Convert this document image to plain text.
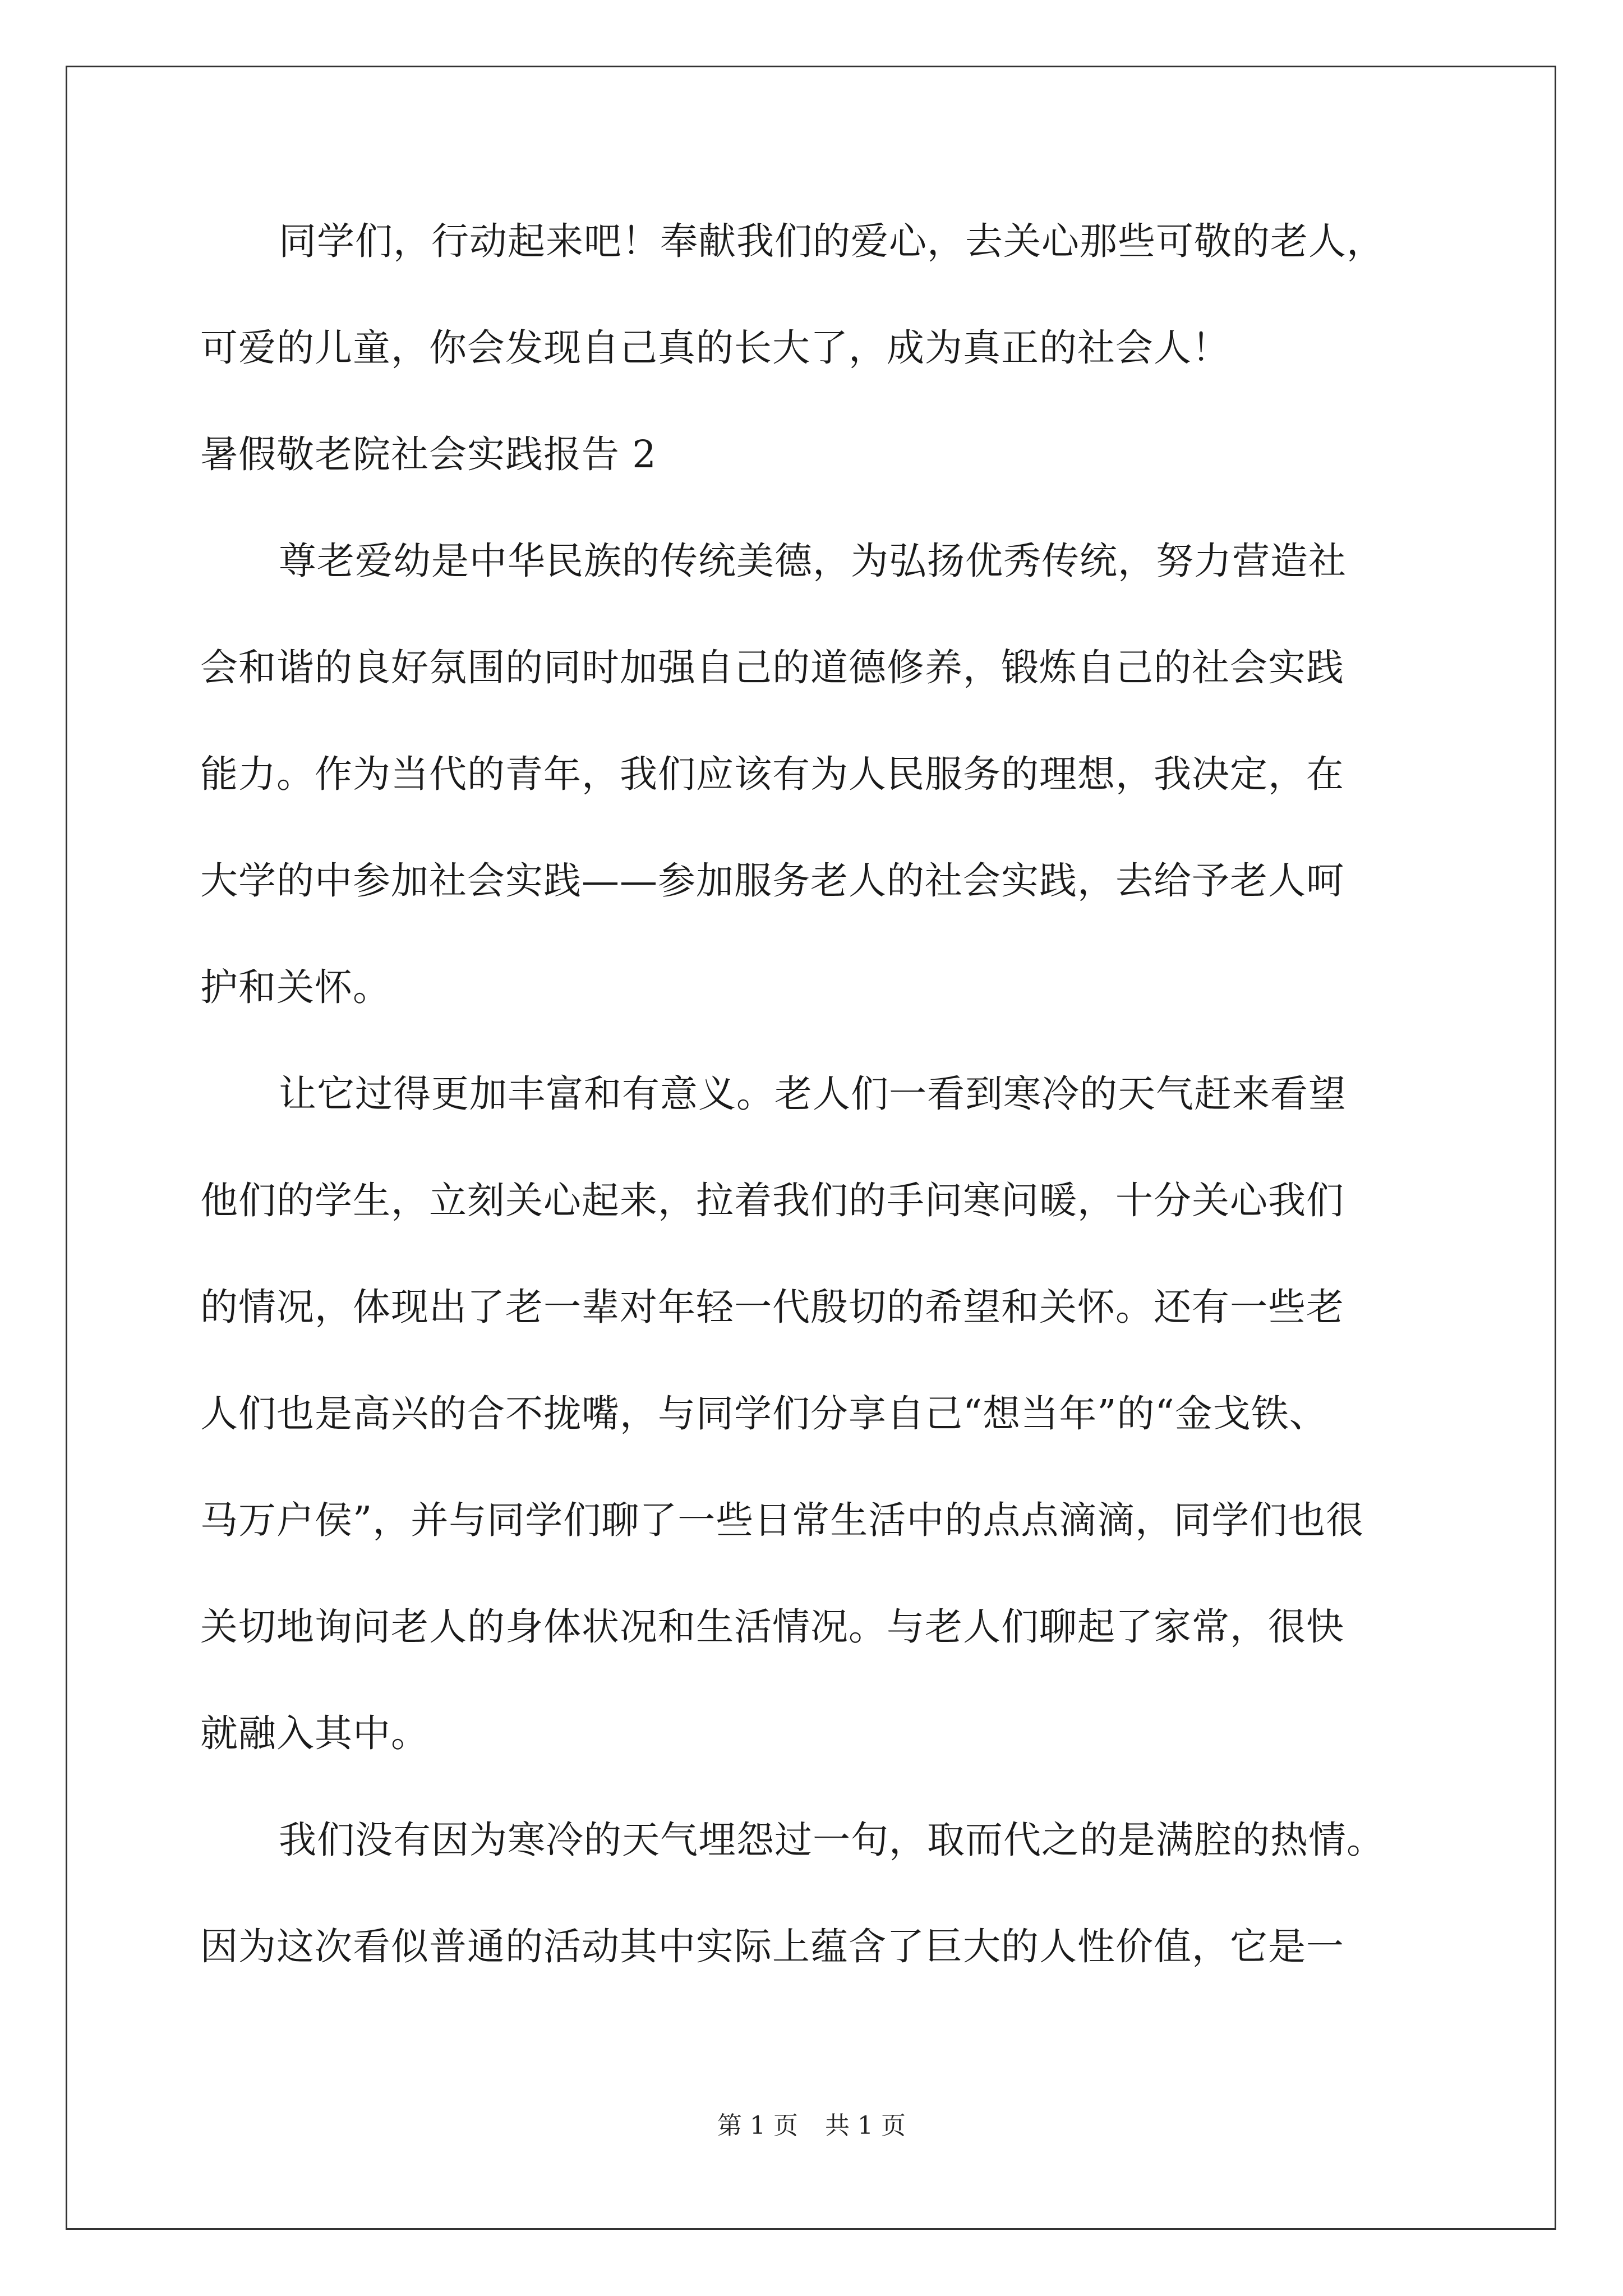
同学们，行动起来吧！奉献我们的爱心，去关心那些可敬的老人，
可爱的儿童，你会发现自己真的长大了，成为真正的社会人！
暑假敬老院社会实践报告 2
尊老爱幼是中华民族的传统美德，为弘扬优秀传统，努力营造社
会和谐的良好氛围的同时加强自己的道德修养，锻炼自己的社会实践
能力。作为当代的青年，我们应该有为人民服务的理想，我决定，在
大学的中参加社会实践——参加服务老人的社会实践，去给予老人呵
护和关怀。
让它过得更加丰富和有意义。老人们一看到寒冷的天气赶来看望
他们的学生，立刻关心起来，拉着我们的手问寒问暖，十分关心我们
的情况，体现出了老一辈对年轻一代殷切的希望和关怀。还有一些老
人们也是高兴的合不拢嘴，与同学们分享自己“想当年”的“金戈铁、
马万户侯”，并与同学们聊了一些日常生活中的点点滴滴，同学们也很
关切地询问老人的身体状况和生活情况。与老人们聊起了家常，很快
就融入其中。
我们没有因为寒冷的天气埋怨过一句，取而代之的是满腔的热情。
因为这次看似普通的活动其中实际上蕴含了巨大的人性价值，它是一
第 1 页 共 1 页
